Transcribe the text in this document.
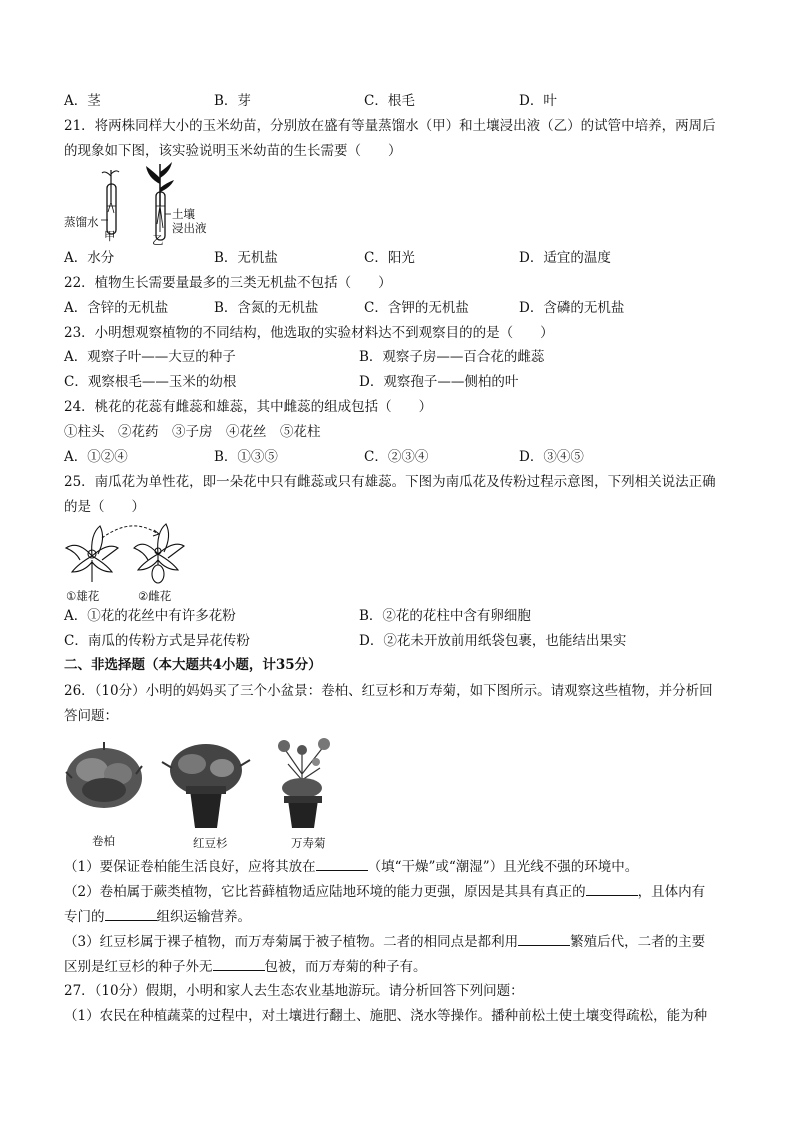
A．茎	B．芽	C．根毛	D．叶
21．将两株同样大小的玉米幼苗，分别放在盛有等量蒸馏水（甲）和土壤浸出液（乙）的试管中培养，两周后
的现象如下图，该实验说明玉米幼苗的生长需要（　　）
蒸馏水
甲
土壤
浸出液
乙
A．水分	B．无机盐	C．阳光	D．适宜的温度
22．植物生长需要量最多的三类无机盐不包括（　　）
A．含锌的无机盐	B．含氮的无机盐	C．含钾的无机盐	D．含磷的无机盐
23．小明想观察植物的不同结构，他选取的实验材料达不到观察目的的是（　　）
A．观察子叶——大豆的种子	B．观察子房——百合花的雌蕊
C．观察根毛——玉米的幼根	D．观察孢子——侧柏的叶
24．桃花的花蕊有雌蕊和雄蕊，其中雌蕊的组成包括（　　）
①柱头　②花药　③子房　④花丝　⑤花柱
A．①②④	B．①③⑤	C．②③④	D．③④⑤
25．南瓜花为单性花，即一朵花中只有雌蕊或只有雄蕊。下图为南瓜花及传粉过程示意图，下列相关说法正确
的是（　　）
①雄花	②雌花
A．①花的花丝中有许多花粉	B．②花的花柱中含有卵细胞
C．南瓜的传粉方式是异花传粉	D．②花未开放前用纸袋包裹，也能结出果实
二、非选择题（本大题共4小题，计35分）
26．（10分）小明的妈妈买了三个小盆景：卷柏、红豆杉和万寿菊，如下图所示。请观察这些植物，并分析回
答问题：
卷柏	红豆杉	万寿菊
（1）要保证卷柏能生活良好，应将其放在	（填“干燥”或“潮湿”）且光线不强的环境中。
（2）卷柏属于蕨类植物，它比苔藓植物适应陆地环境的能力更强，原因是其具有真正的	，且体内有
专门的	组织运输营养。
（3）红豆杉属于裸子植物，而万寿菊属于被子植物。二者的相同点是都利用	繁殖后代，二者的主要
区别是红豆杉的种子外无	包被，而万寿菊的种子有。
27．（10分）假期，小明和家人去生态农业基地游玩。请分析回答下列问题：
（1）农民在种植蔬菜的过程中，对土壤进行翻土、施肥、浇水等操作。播种前松土使土壤变得疏松，能为种
